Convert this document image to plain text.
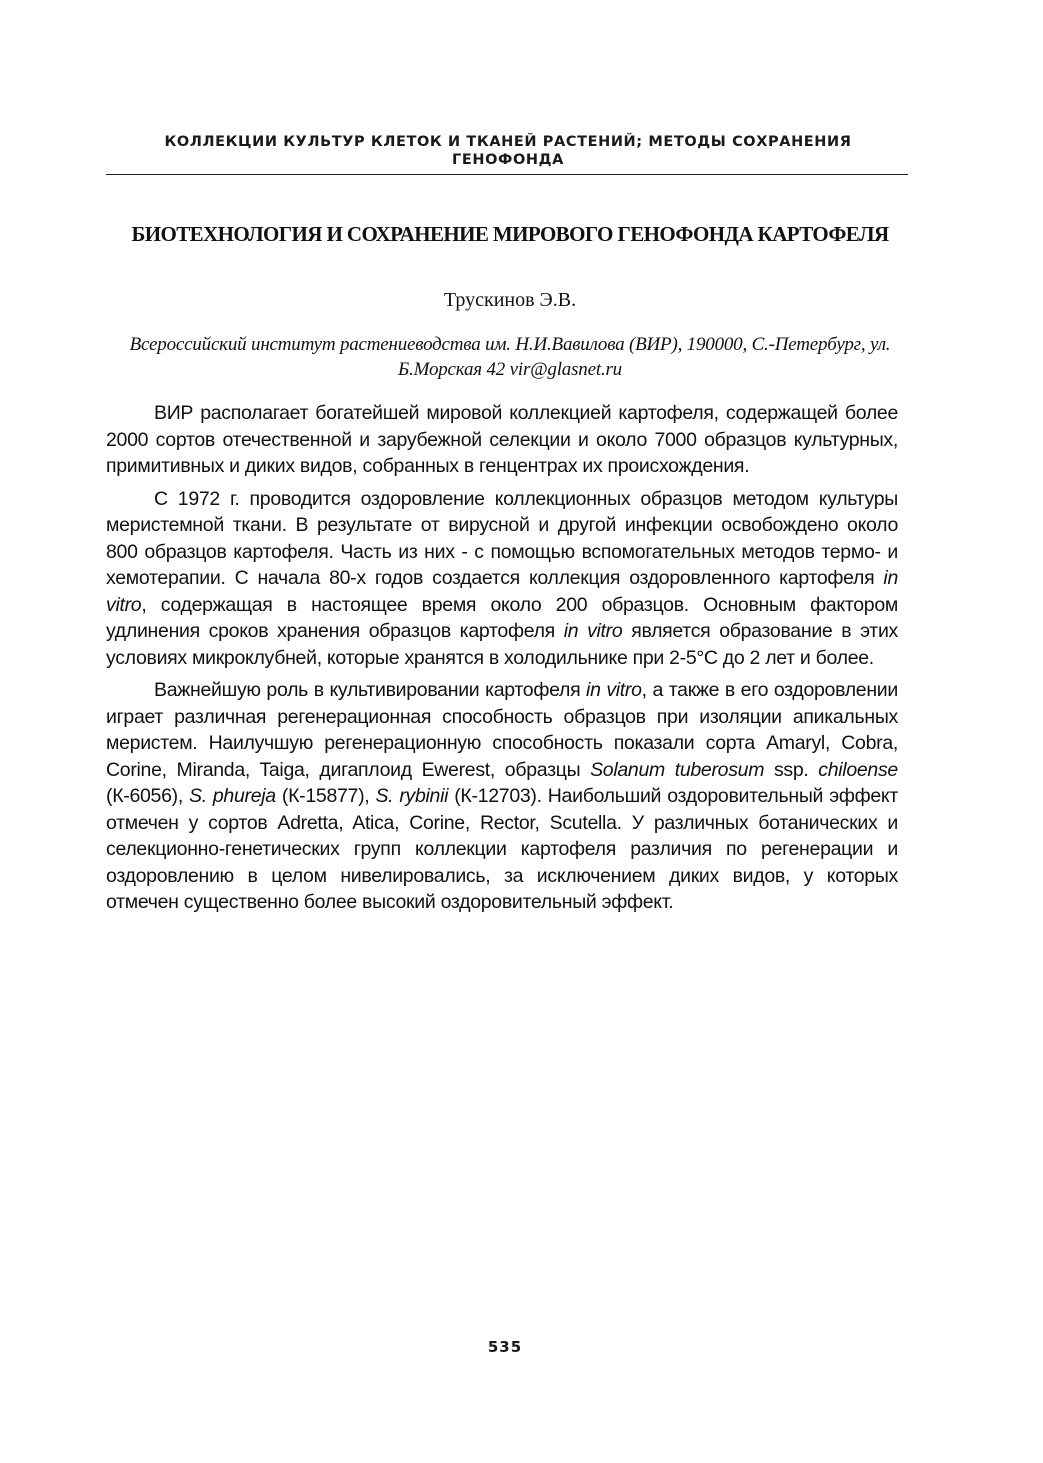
КОЛЛЕКЦИИ КУЛЬТУР КЛЕТОК И ТКАНЕЙ РАСТЕНИЙ; МЕТОДЫ СОХРАНЕНИЯ ГЕНОФОНДА
БИОТЕХНОЛОГИЯ И СОХРАНЕНИЕ МИРОВОГО ГЕНОФОНДА КАРТОФЕЛЯ
Трускинов Э.В.
Всероссийский институт растениеводства им. Н.И.Вавилова (ВИР), 190000, С.-Петербург, ул. Б.Морская 42 vir@glasnet.ru

ВИР располагает богатейшей мировой коллекцией картофеля, содержащей более 2000 сортов отечественной и зарубежной селекции и около 7000 образцов культурных, примитивных и диких видов, собранных в генцентрах их происхождения.

С 1972 г. проводится оздоровление коллекционных образцов методом культуры меристемной ткани. В результате от вирусной и другой инфекции освобождено около 800 образцов картофеля. Часть из них - с помощью вспомогательных методов термо- и хемотерапии. С начала 80-х годов создается коллекция оздоровленного картофеля in vitro, содержащая в настоящее время около 200 образцов. Основным фактором удлинения сроков хранения образцов картофеля in vitro является образование в этих условиях микроклубней, которые хранятся в холодильнике при 2-5°С до 2 лет и более.

Важнейшую роль в культивировании картофеля in vitro, а также в его оздоровлении играет различная регенерационная способность образцов при изоляции апикальных меристем. Наилучшую регенерационную способность показали сорта Amaryl, Cobra, Corine, Miranda, Taiga, дигаплоид Ewerest, образцы Solanum tuberosum ssp. chiloense (К-6056), S. phureja (К-15877), S. rybinii (К-12703). Наибольший оздоровительный эффект отмечен у сортов Adretta, Atica, Corine, Rector, Scutella. У различных ботанических и селекционно-генетических групп коллекции картофеля различия по регенерации и оздоровлению в целом нивелировались, за исключением диких видов, у которых отмечен существенно более высокий оздоровительный эффект.

535
